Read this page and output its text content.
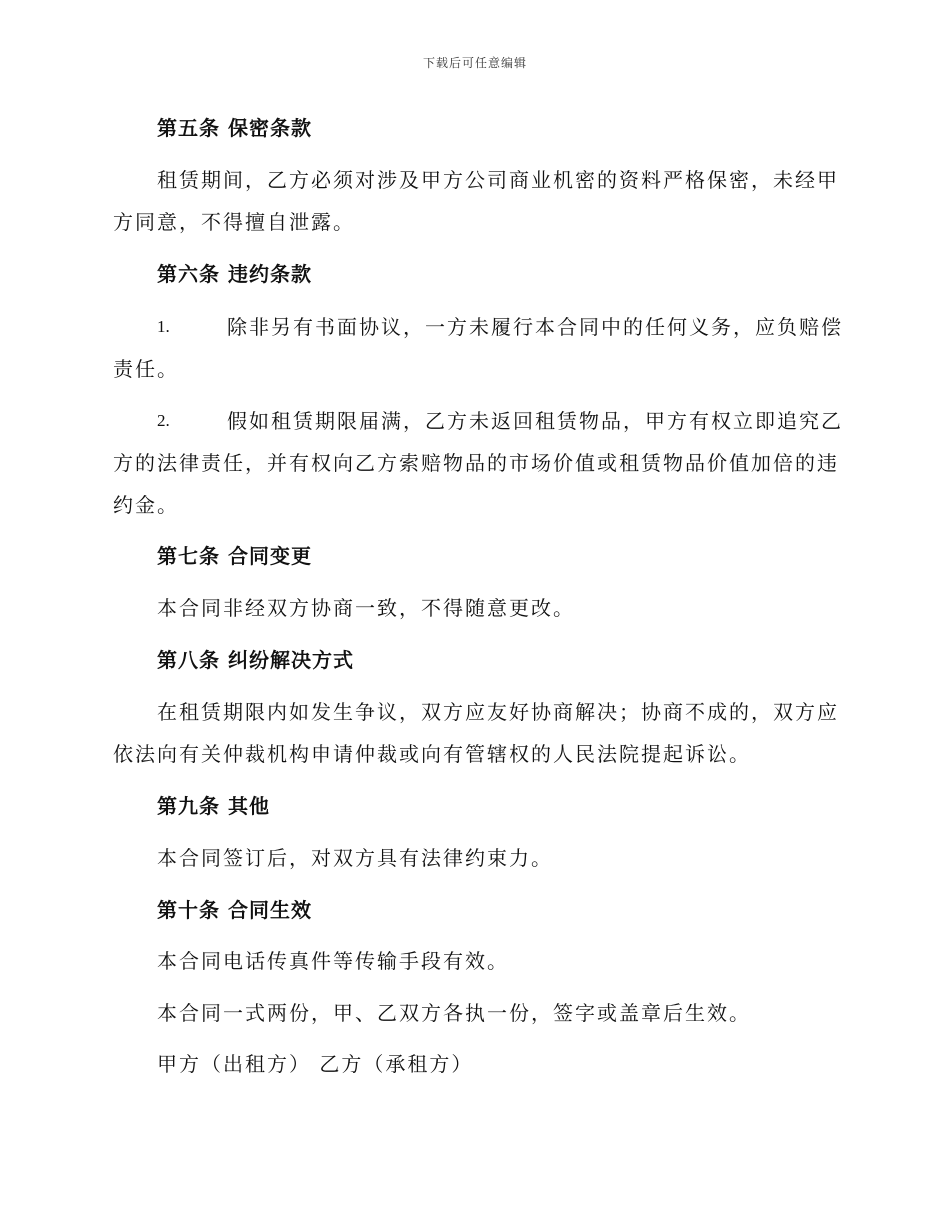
下载后可任意编辑
第五条 保密条款
租赁期间，乙方必须对涉及甲方公司商业机密的资料严格保密，未经甲
方同意，不得擅自泄露。
第六条 违约条款
1.	除非另有书面协议，一方未履行本合同中的任何义务，应负赔偿
责任。
2.	假如租赁期限届满，乙方未返回租赁物品，甲方有权立即追究乙
方的法律责任，并有权向乙方索赔物品的市场价值或租赁物品价值加倍的违
约金。
第七条 合同变更
本合同非经双方协商一致，不得随意更改。
第八条 纠纷解决方式
在租赁期限内如发生争议，双方应友好协商解决；协商不成的，双方应
依法向有关仲裁机构申请仲裁或向有管辖权的人民法院提起诉讼。
第九条 其他
本合同签订后，对双方具有法律约束力。
第十条 合同生效
本合同电话传真件等传输手段有效。
本合同一式两份，甲、乙双方各执一份，签字或盖章后生效。
甲方（出租方） 乙方（承租方）
